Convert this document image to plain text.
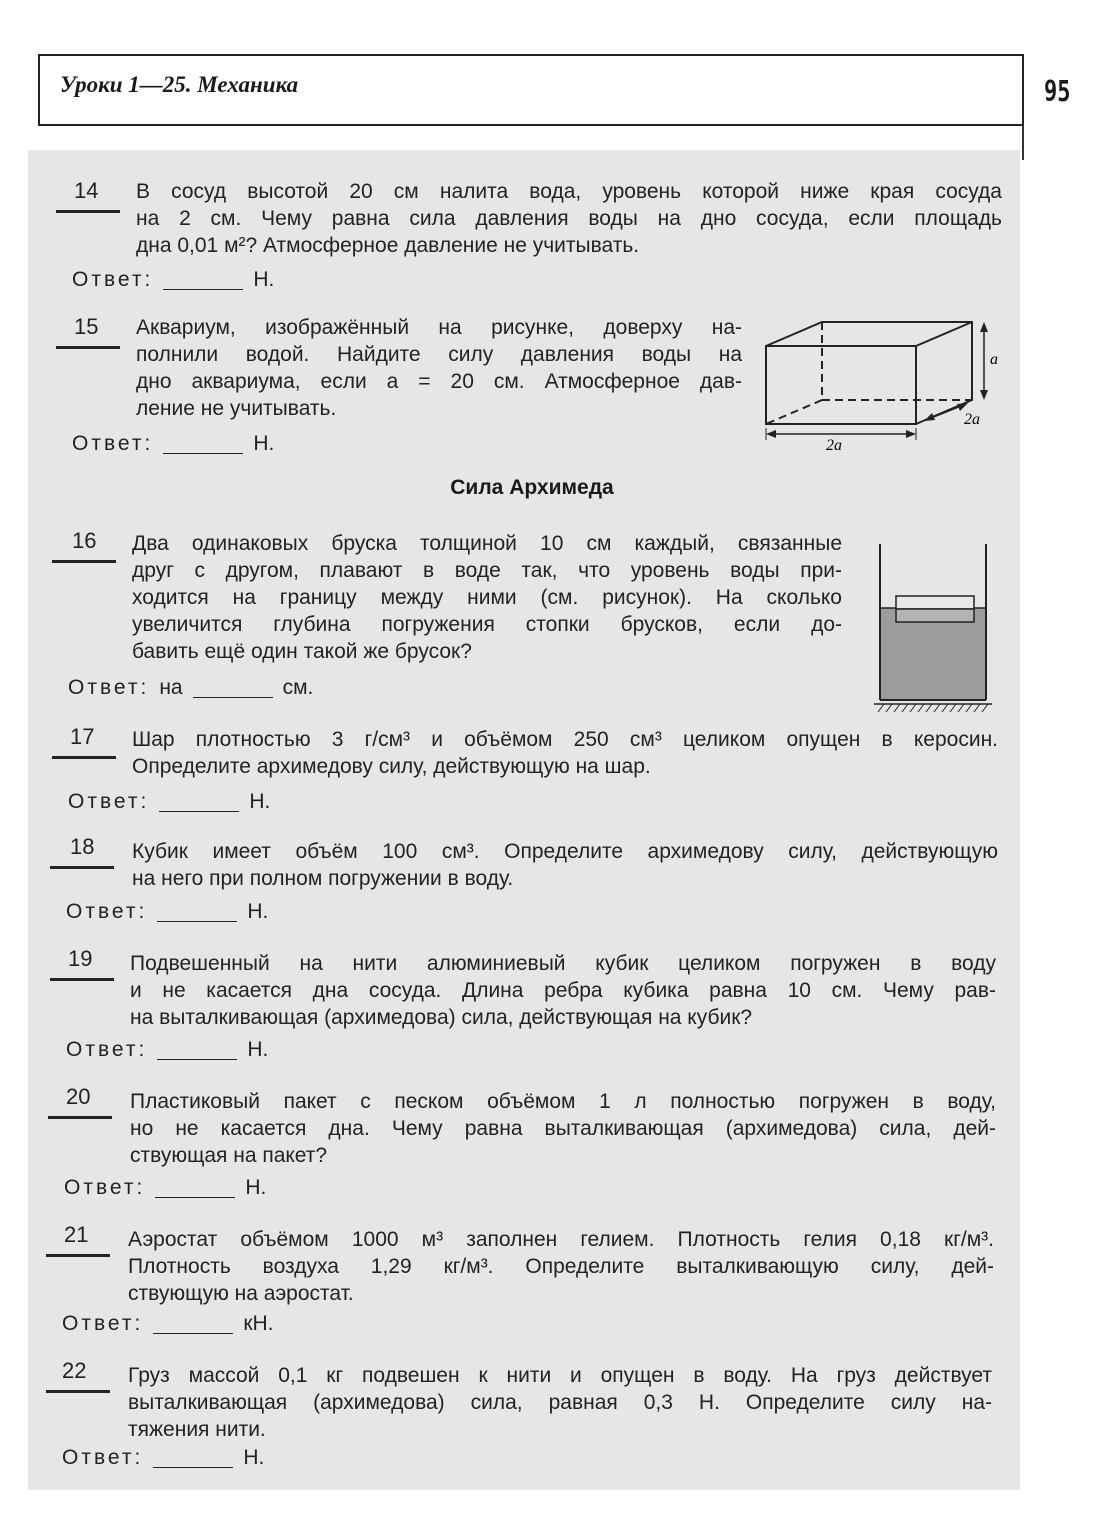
Уроки 1—25. Механика	95
14 В сосуд высотой 20 см налита вода, уровень которой ниже края сосуда
на 2 см. Чему равна сила давления воды на дно сосуда, если площадь
дна 0,01 м²? Атмосферное давление не учитывать.
Ответ:	Н.
15 Аквариум, изображённый на рисунке, доверху на-
полнили водой. Найдите силу давления воды на
дно аквариума, если a = 20 см. Атмосферное дав-
ление не учитывать.
Ответ:	Н.
16 Два одинаковых бруска толщиной 10 см каждый, связанные
друг с другом, плавают в воде так, что уровень воды при-
ходится на границу между ними (см. рисунок). На сколько
увеличится глубина погружения стопки брусков, если до-
бавить ещё один такой же брусок?
Ответ: на	см.
17 Шар плотностью 3 г/см³ и объёмом 250 см³ целиком опущен в керосин.
Определите архимедову силу, действующую на шар.
Ответ:	Н.
18 Кубик имеет объём 100 см³. Определите архимедову силу, действующую
на него при полном погружении в воду.
Ответ:	Н.
19 Подвешенный на нити алюминиевый кубик целиком погружен в воду
и не касается дна сосуда. Длина ребра кубика равна 10 см. Чему рав-
на выталкивающая (архимедова) сила, действующая на кубик?
Ответ:	Н.
20 Пластиковый пакет с песком объёмом 1 л полностью погружен в воду,
но не касается дна. Чему равна выталкивающая (архимедова) сила, дей-
ствующая на пакет?
Ответ:	Н.
21 Аэростат объёмом 1000 м³ заполнен гелием. Плотность гелия 0,18 кг/м³.
Плотность воздуха 1,29 кг/м³. Определите выталкивающую силу, дей-
ствующую на аэростат.
Ответ:	кН.
22 Груз массой 0,1 кг подвешен к нити и опущен в воду. На груз действует
выталкивающая (архимедова) сила, равная 0,3 Н. Определите силу на-
тяжения нити.
Ответ:	Н.
Сила Архимеда
a
2a
2a
